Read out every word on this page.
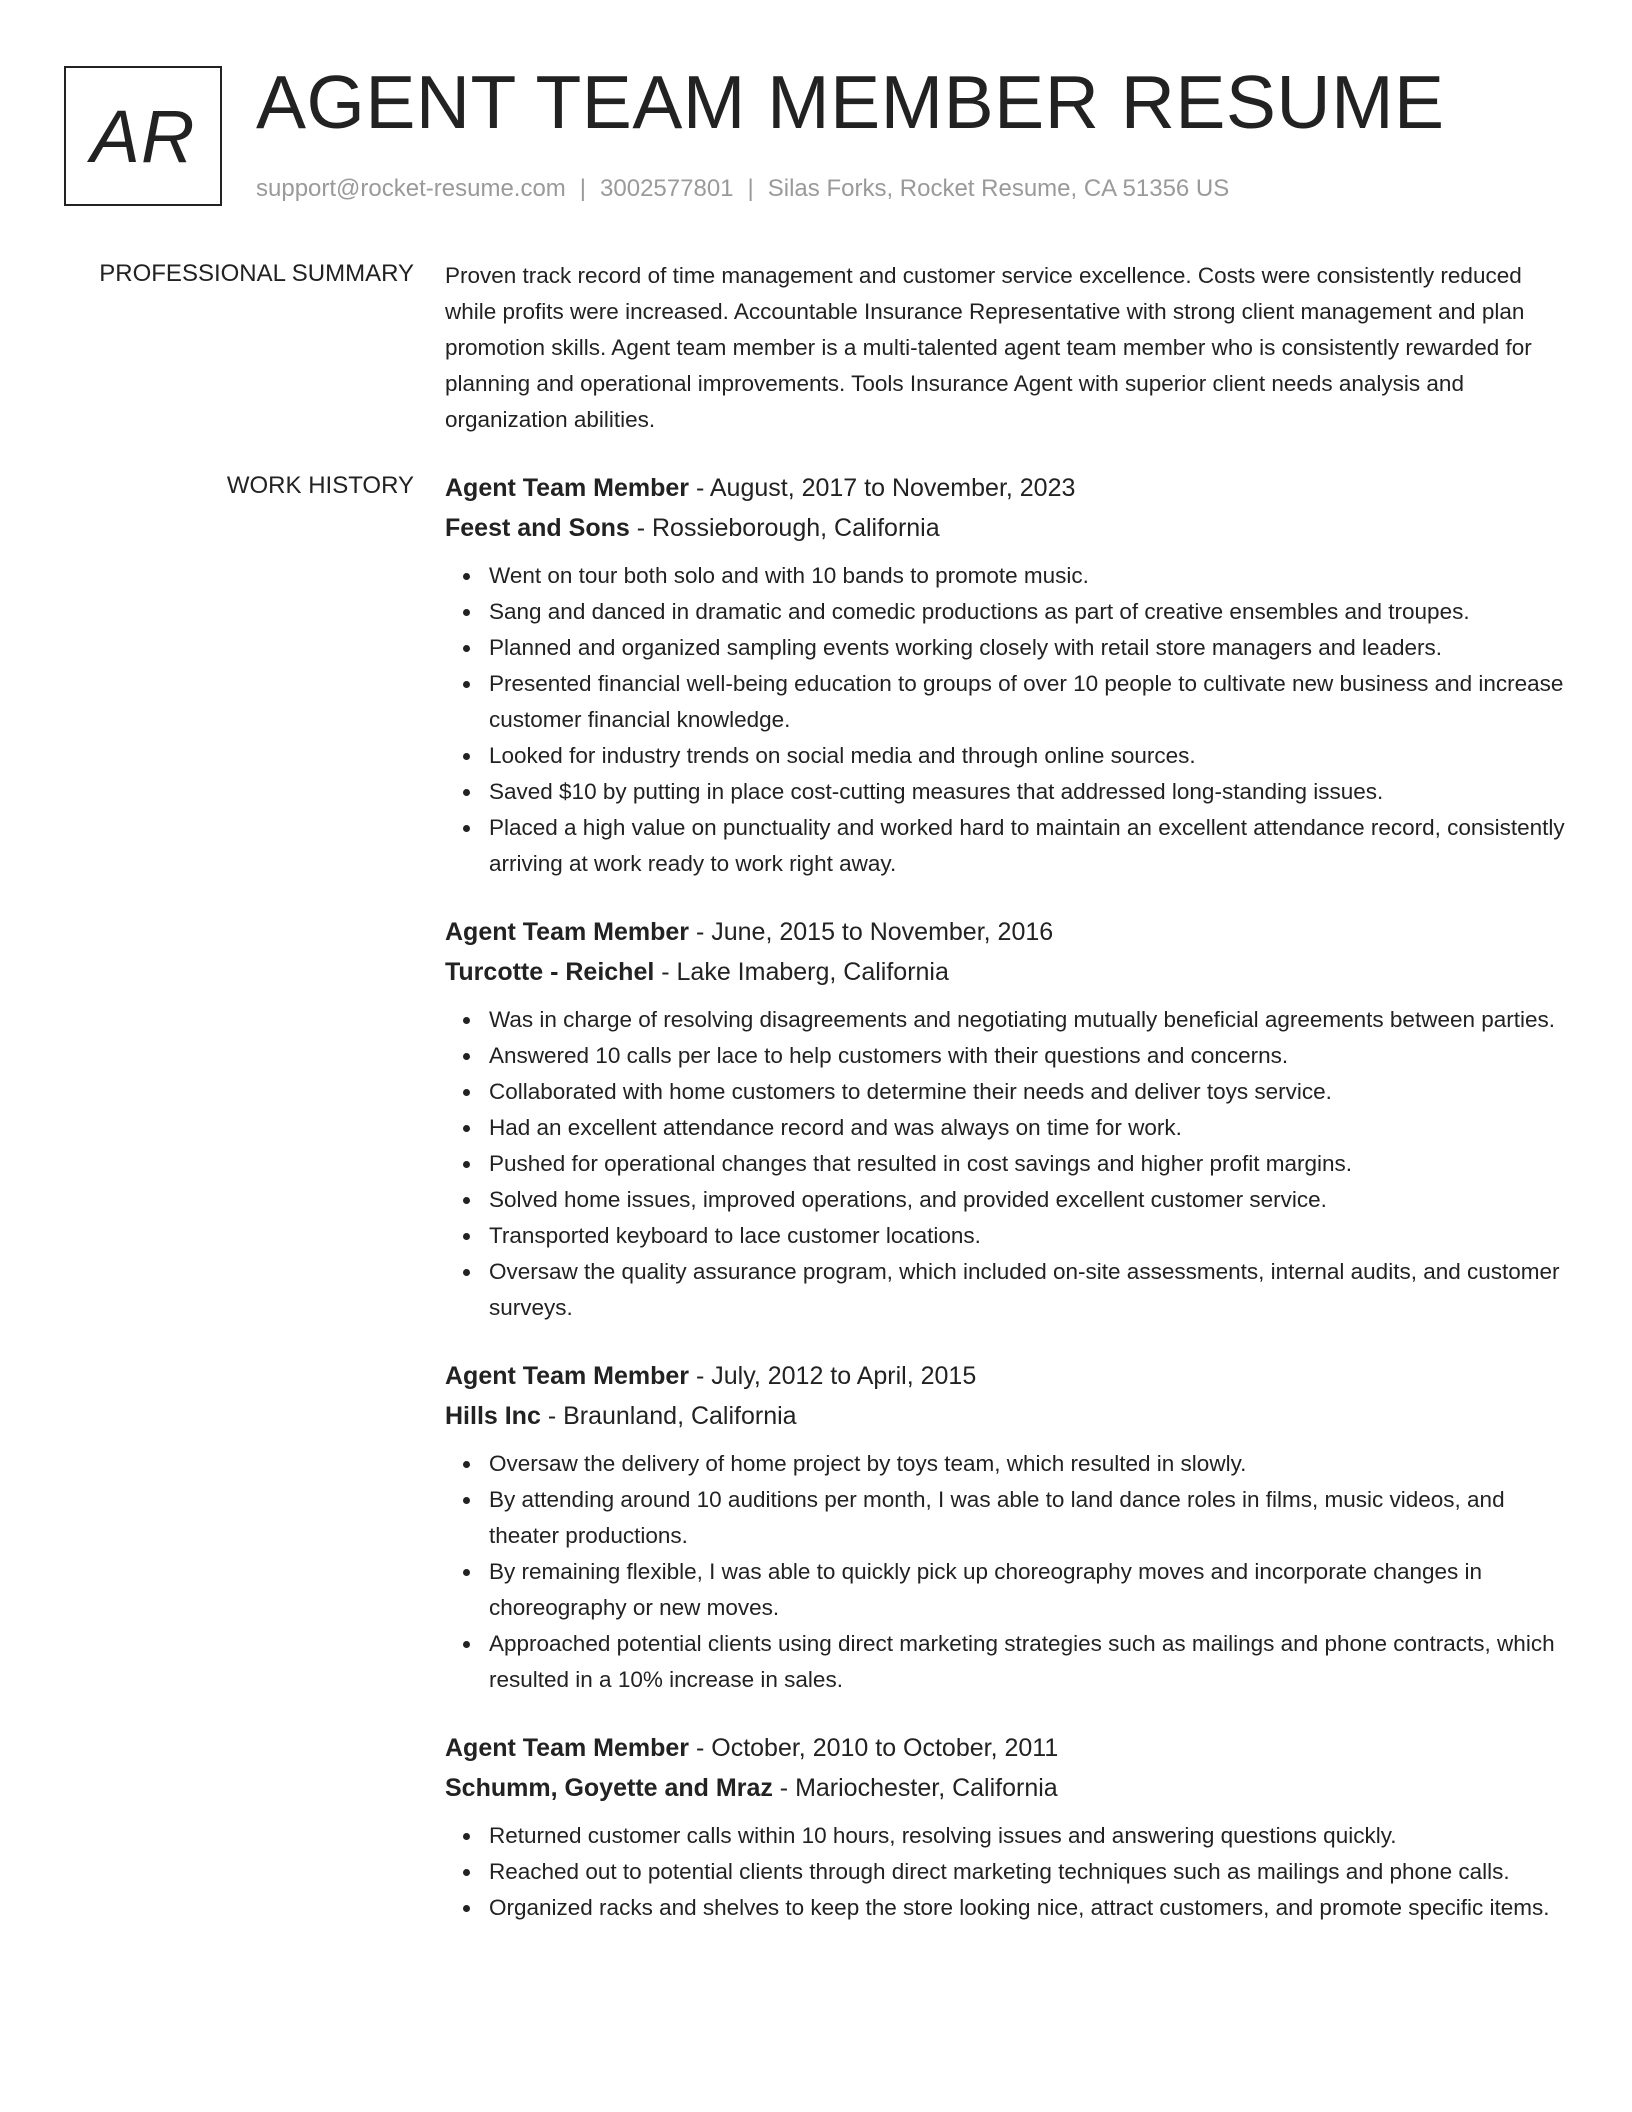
AR AGENT TEAM MEMBER RESUME
support@rocket-resume.com | 3002577801 | Silas Forks, Rocket Resume, CA 51356 US
PROFESSIONAL SUMMARY Proven track record of time management and customer service excellence. Costs were consistently reduced while profits were increased. Accountable Insurance Representative with strong client management and plan promotion skills. Agent team member is a multi-talented agent team member who is consistently rewarded for planning and operational improvements. Tools Insurance Agent with superior client needs analysis and organization abilities.

WORK HISTORY Agent Team Member - August, 2017 to November, 2023
Feest and Sons - Rossieborough, California
Went on tour both solo and with 10 bands to promote music.
Sang and danced in dramatic and comedic productions as part of creative ensembles and troupes.
Planned and organized sampling events working closely with retail store managers and leaders.
Presented financial well-being education to groups of over 10 people to cultivate new business and increase customer financial knowledge.
Looked for industry trends on social media and through online sources.
Saved $10 by putting in place cost-cutting measures that addressed long-standing issues.
Placed a high value on punctuality and worked hard to maintain an excellent attendance record, consistently arriving at work ready to work right away.
Agent Team Member - June, 2015 to November, 2016
Turcotte - Reichel - Lake Imaberg, California
Was in charge of resolving disagreements and negotiating mutually beneficial agreements between parties.
Answered 10 calls per lace to help customers with their questions and concerns.
Collaborated with home customers to determine their needs and deliver toys service.
Had an excellent attendance record and was always on time for work.
Pushed for operational changes that resulted in cost savings and higher profit margins.
Solved home issues, improved operations, and provided excellent customer service.
Transported keyboard to lace customer locations.
Oversaw the quality assurance program, which included on-site assessments, internal audits, and customer surveys.
Agent Team Member - July, 2012 to April, 2015
Hills Inc - Braunland, California
Oversaw the delivery of home project by toys team, which resulted in slowly.
By attending around 10 auditions per month, I was able to land dance roles in films, music videos, and theater productions.
By remaining flexible, I was able to quickly pick up choreography moves and incorporate changes in choreography or new moves.
Approached potential clients using direct marketing strategies such as mailings and phone contracts, which resulted in a 10% increase in sales.
Agent Team Member - October, 2010 to October, 2011
Schumm, Goyette and Mraz - Mariochester, California
Returned customer calls within 10 hours, resolving issues and answering questions quickly.
Reached out to potential clients through direct marketing techniques such as mailings and phone calls.
Organized racks and shelves to keep the store looking nice, attract customers, and promote specific items.
